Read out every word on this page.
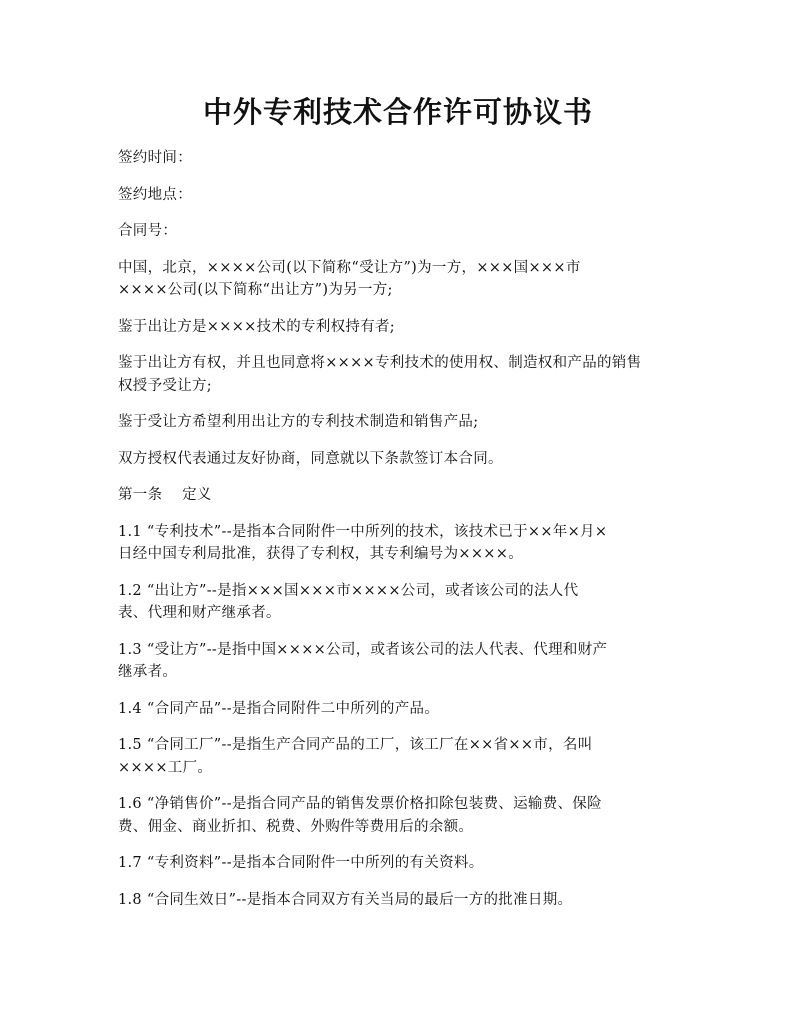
中外专利技术合作许可协议书

签约时间：

签约地点：

合同号：

中国，北京，××××公司(以下简称“受让方”)为一方，×××国×××市
××××公司(以下简称“出让方”)为另一方;

鉴于出让方是××××技术的专利权持有者;

鉴于出让方有权，并且也同意将××××专利技术的使用权、制造权和产品的销售
权授予受让方;

鉴于受让方希望利用出让方的专利技术制造和销售产品;

双方授权代表通过友好协商，同意就以下条款签订本合同。

第一条　 定义

1.1 “专利技术”--是指本合同附件一中所列的技术，该技术已于××年×月×
日经中国专利局批准，获得了专利权，其专利编号为××××。

1.2 “出让方”--是指×××国×××市××××公司，或者该公司的法人代
表、代理和财产继承者。

1.3 “受让方”--是指中国××××公司，或者该公司的法人代表、代理和财产
继承者。

1.4 “合同产品”--是指合同附件二中所列的产品。

1.5 “合同工厂”--是指生产合同产品的工厂，该工厂在××省××市，名叫
××××工厂。

1.6 “净销售价”--是指合同产品的销售发票价格扣除包装费、运输费、保险
费、佣金、商业折扣、税费、外购件等费用后的余额。

1.7 “专利资料”--是指本合同附件一中所列的有关资料。

1.8 “合同生效日”--是指本合同双方有关当局的最后一方的批准日期。
